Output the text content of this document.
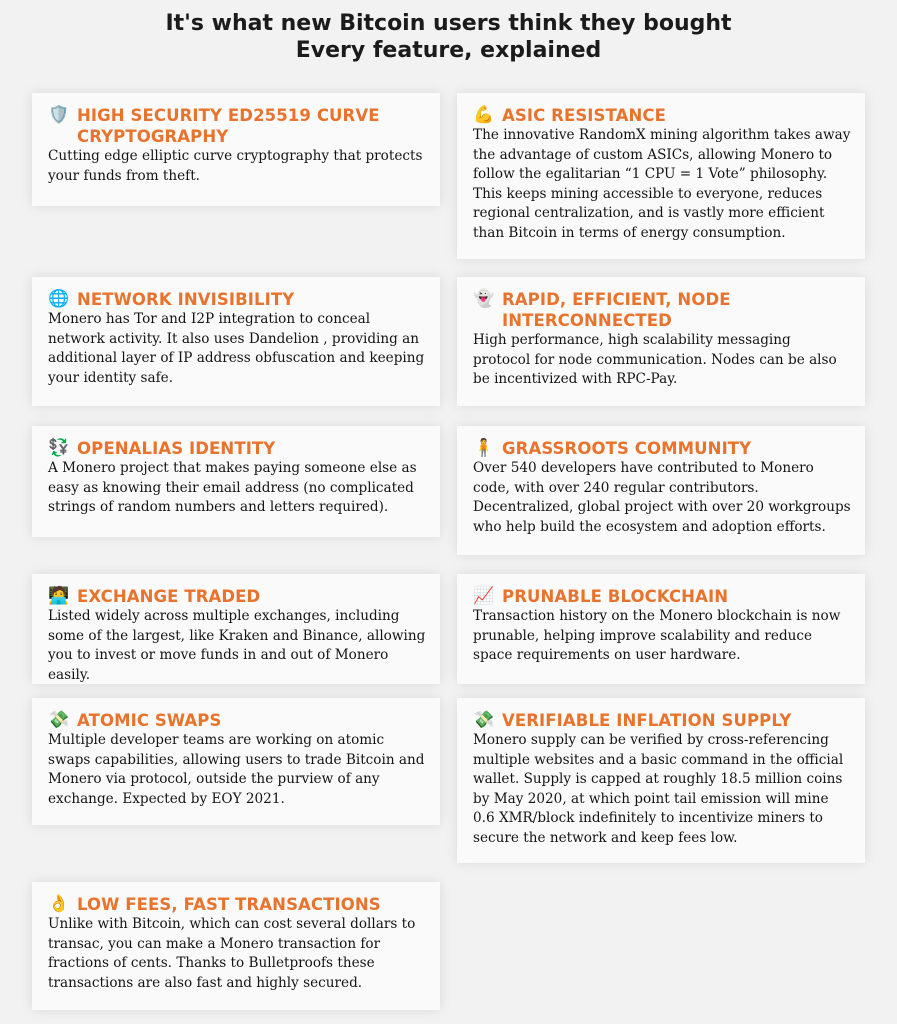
It's what new Bitcoin users think they bought
Every feature, explained
🛡️ HIGH SECURITY ED25519 CURVE CRYPTOGRAPHY
Cutting edge elliptic curve cryptography that protects your funds from theft.
💪 ASIC RESISTANCE
The innovative RandomX mining algorithm takes away the advantage of custom ASICs, allowing Monero to follow the egalitarian “1 CPU = 1 Vote” philosophy. This keeps mining accessible to everyone, reduces regional centralization, and is vastly more efficient than Bitcoin in terms of energy consumption.
🌐 NETWORK INVISIBILITY
Monero has Tor and I2P integration to conceal network activity. It also uses Dandelion , providing an additional layer of IP address obfuscation and keeping your identity safe.
👻 RAPID, EFFICIENT, NODE INTERCONNECTED
High performance, high scalability messaging protocol for node communication. Nodes can be also be incentivized with RPC-Pay.
💱 OPENALIAS IDENTITY
A Monero project that makes paying someone else as easy as knowing their email address (no complicated strings of random numbers and letters required).
🧍 GRASSROOTS COMMUNITY
Over 540 developers have contributed to Monero code, with over 240 regular contributors. Decentralized, global project with over 20 workgroups who help build the ecosystem and adoption efforts.
🧑‍💻 EXCHANGE TRADED
Listed widely across multiple exchanges, including some of the largest, like Kraken and Binance, allowing you to invest or move funds in and out of Monero easily.
📈 PRUNABLE BLOCKCHAIN
Transaction history on the Monero blockchain is now prunable, helping improve scalability and reduce space requirements on user hardware.
💸 ATOMIC SWAPS
Multiple developer teams are working on atomic swaps capabilities, allowing users to trade Bitcoin and Monero via protocol, outside the purview of any exchange. Expected by EOY 2021.
💸 VERIFIABLE INFLATION SUPPLY
Monero supply can be verified by cross-referencing multiple websites and a basic command in the official wallet. Supply is capped at roughly 18.5 million coins by May 2020, at which point tail emission will mine 0.6 XMR/block indefinitely to incentivize miners to secure the network and keep fees low.
👌 LOW FEES, FAST TRANSACTIONS
Unlike with Bitcoin, which can cost several dollars to transac, you can make a Monero transaction for fractions of cents. Thanks to Bulletproofs these transactions are also fast and highly secured.
